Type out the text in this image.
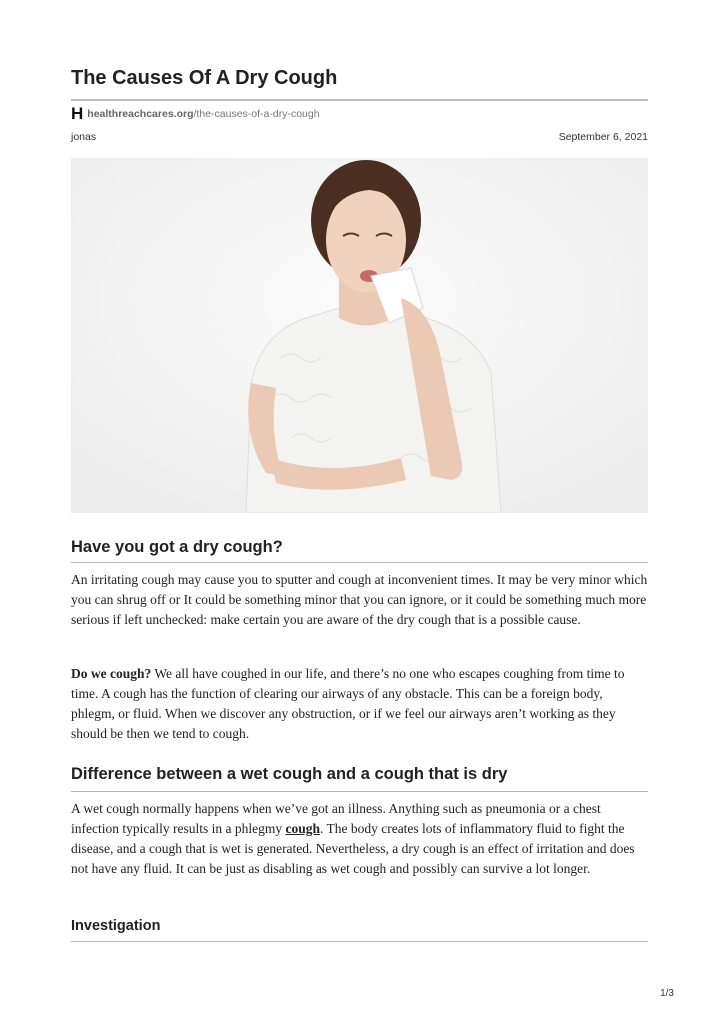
The Causes Of A Dry Cough
H healthreachcares.org/the-causes-of-a-dry-cough
jonas	September 6, 2021
Have you got a dry cough?

An irritating cough may cause you to sputter and cough at inconvenient times. It may be very minor which you can shrug off or It could be something minor that you can ignore, or it could be something much more serious if left unchecked: make certain you are aware of the dry cough that is a possible cause.

Do we cough? We all have coughed in our life, and there’s no one who escapes coughing from time to time. A cough has the function of clearing our airways of any obstacle. This can be a foreign body, phlegm, or fluid. When we discover any obstruction, or if we feel our airways aren’t working as they should be then we tend to cough.

Difference between a wet cough and a cough that is dry

A wet cough normally happens when we’ve got an illness. Anything such as pneumonia or a chest infection typically results in a phlegmy cough. The body creates lots of inflammatory fluid to fight the disease, and a cough that is wet is generated. Nevertheless, a dry cough is an effect of irritation and does not have any fluid. It can be just as disabling as wet cough and possibly can survive a lot longer.

Investigation
1/3
